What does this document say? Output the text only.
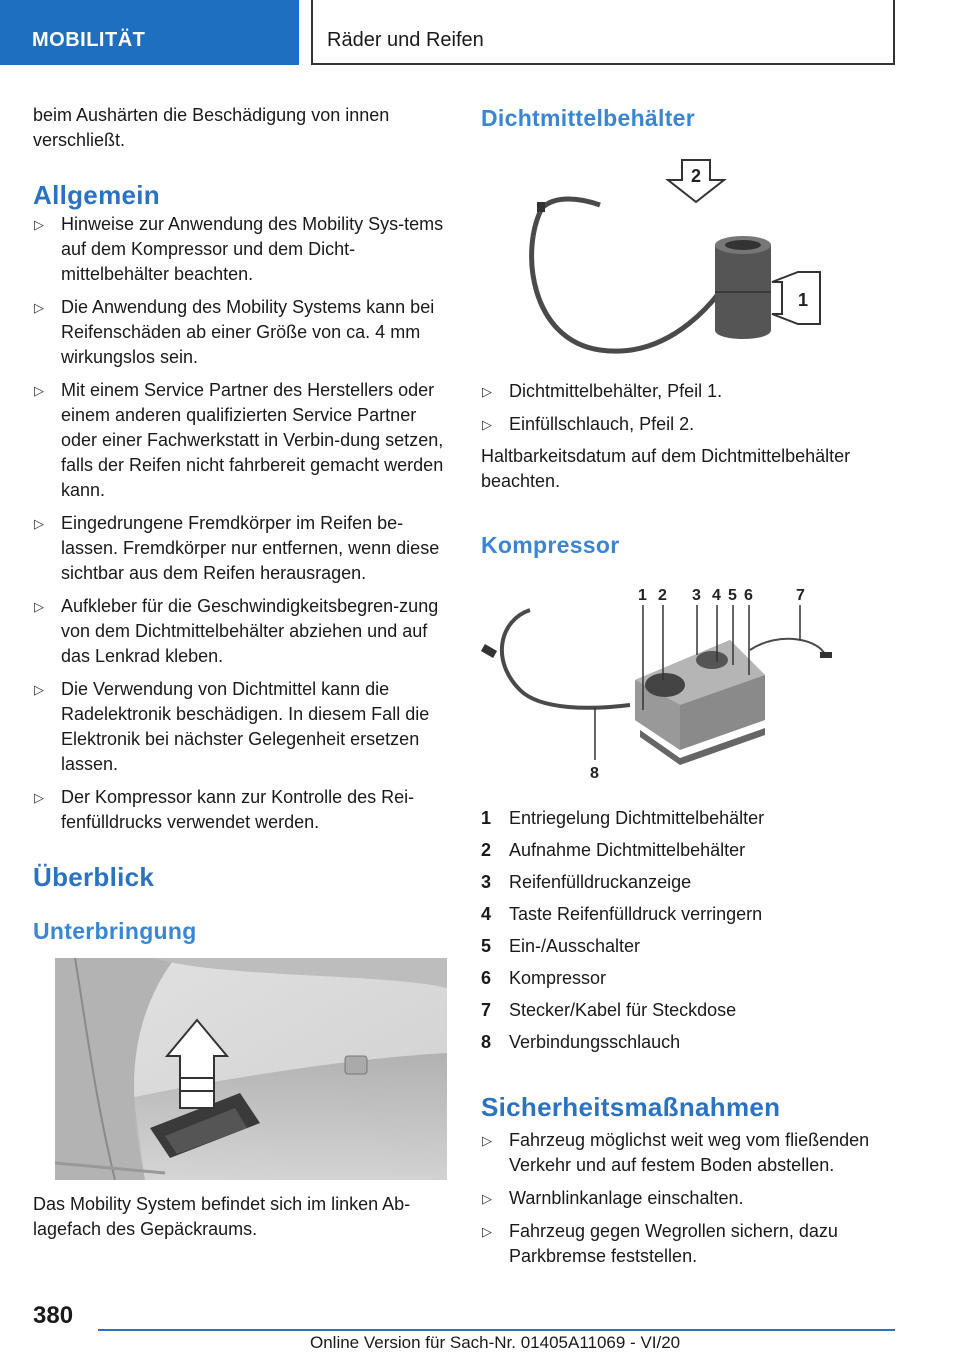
MOBILITÄT	Räder und Reifen

beim Aushärten die Beschädigung von innen verschließt.

Allgemein
▷ Hinweise zur Anwendung des Mobility Sys-tems auf dem Kompressor und dem Dicht-mittelbehälter beachten.
▷ Die Anwendung des Mobility Systems kann bei Reifenschäden ab einer Größe von ca. 4 mm wirkungslos sein.
▷ Mit einem Service Partner des Herstellers oder einem anderen qualifizierten Service Partner oder einer Fachwerkstatt in Verbin-dung setzen, falls der Reifen nicht fahrbereit gemacht werden kann.
▷ Eingedrungene Fremdkörper im Reifen be-lassen. Fremdkörper nur entfernen, wenn diese sichtbar aus dem Reifen herausragen.
▷ Aufkleber für die Geschwindigkeitsbegren-zung von dem Dichtmittelbehälter abziehen und auf das Lenkrad kleben.
▷ Die Verwendung von Dichtmittel kann die Radelektronik beschädigen. In diesem Fall die Elektronik bei nächster Gelegenheit ersetzen lassen.
▷ Der Kompressor kann zur Kontrolle des Rei-fenfülldrucks verwendet werden.
Überblick
Unterbringung

Das Mobility System befindet sich im linken Ab-lagefach des Gepäckraums.

Dichtmittelbehälter
▷ Dichtmittelbehälter, Pfeil 1.
▷ Einfüllschlauch, Pfeil 2.

Haltbarkeitsdatum auf dem Dichtmittelbehälter beachten.

Kompressor
1 Entriegelung Dichtmittelbehälter
2 Aufnahme Dichtmittelbehälter
3 Reifenfülldruckanzeige
4 Taste Reifenfülldruck verringern
5 Ein-/Ausschalter
6 Kompressor
7 Stecker/Kabel für Steckdose
8 Verbindungsschlauch
Sicherheitsmaßnahmen
▷ Fahrzeug möglichst weit weg vom fließenden Verkehr und auf festem Boden abstellen.
▷ Warnblinkanlage einschalten.
▷ Fahrzeug gegen Wegrollen sichern, dazu Parkbremse feststellen.
2
1
1 2 3 4 5 6	7
8
380
Online Version für Sach-Nr. 01405A11069 - VI/20
